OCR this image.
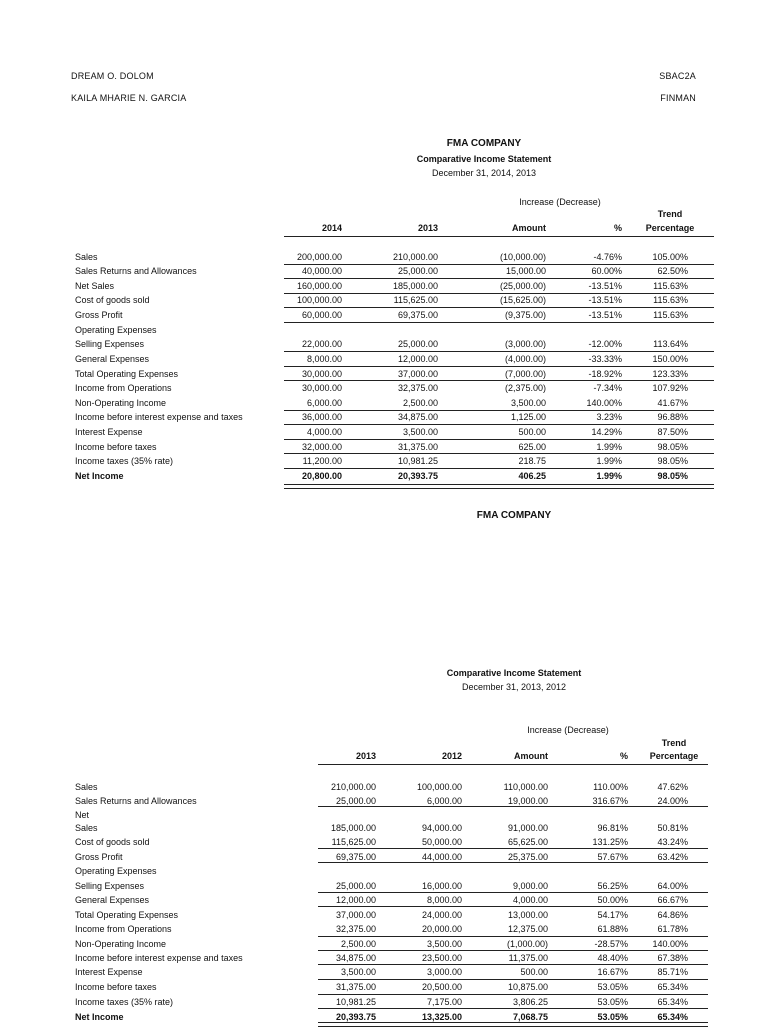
DREAM O. DOLOM
KAILA MHARIE N. GARCIA
SBAC2A
FINMAN
FMA COMPANY
Comparative Income Statement
December 31, 2014, 2013
Increase (Decrease)
2014	2013	Amount	%
Trend
Percentage
Sales	200,000.00	210,000.00	(10,000.00)	-4.76%	105.00%
Sales Returns and Allowances	40,000.00	25,000.00	15,000.00	60.00%	62.50%
Net Sales	160,000.00	185,000.00	(25,000.00)	-13.51%	115.63%
Cost of goods sold	100,000.00	115,625.00	(15,625.00)	-13.51%	115.63%
Gross Profit	60,000.00	69,375.00	(9,375.00)	-13.51%	115.63%
Operating Expenses
Selling Expenses	22,000.00	25,000.00	(3,000.00)	-12.00%	113.64%
General Expenses	8,000.00	12,000.00	(4,000.00)	-33.33%	150.00%
Total Operating Expenses	30,000.00	37,000.00	(7,000.00)	-18.92%	123.33%
Income from Operations	30,000.00	32,375.00	(2,375.00)	-7.34%	107.92%
Non-Operating Income	6,000.00	2,500.00	3,500.00	140.00%	41.67%
Income before interest expense and taxes	36,000.00	34,875.00	1,125.00	3.23%	96.88%
Interest Expense	4,000.00	3,500.00	500.00	14.29%	87.50%
Income before taxes	32,000.00	31,375.00	625.00	1.99%	98.05%
Income taxes (35% rate)	11,200.00	10,981.25	218.75	1.99%	98.05%
Net Income	20,800.00	20,393.75	406.25	1.99%	98.05%
FMA COMPANY
Comparative Income Statement
December 31, 2013, 2012
Increase (Decrease)
2013	2012	Amount	%
Trend
Percentage
Sales	210,000.00	100,000.00	110,000.00	110.00%	47.62%
Sales Returns and Allowances	25,000.00	6,000.00	19,000.00	316.67%	24.00%
Net
Sales	185,000.00	94,000.00	91,000.00	96.81%	50.81%
Cost of goods sold	115,625.00	50,000.00	65,625.00	131.25%	43.24%
Gross Profit	69,375.00	44,000.00	25,375.00	57.67%	63.42%
Operating Expenses
Selling Expenses	25,000.00	16,000.00	9,000.00	56.25%	64.00%
General Expenses	12,000.00	8,000.00	4,000.00	50.00%	66.67%
Total Operating Expenses	37,000.00	24,000.00	13,000.00	54.17%	64.86%
Income from Operations	32,375.00	20,000.00	12,375.00	61.88%	61.78%
Non-Operating Income	2,500.00	3,500.00	(1,000.00)	-28.57%	140.00%
Income before interest expense and taxes	34,875.00	23,500.00	11,375.00	48.40%	67.38%
Interest Expense	3,500.00	3,000.00	500.00	16.67%	85.71%
Income before taxes	31,375.00	20,500.00	10,875.00	53.05%	65.34%
Income taxes (35% rate)	10,981.25	7,175.00	3,806.25	53.05%	65.34%
Net Income	20,393.75	13,325.00	7,068.75	53.05%	65.34%
